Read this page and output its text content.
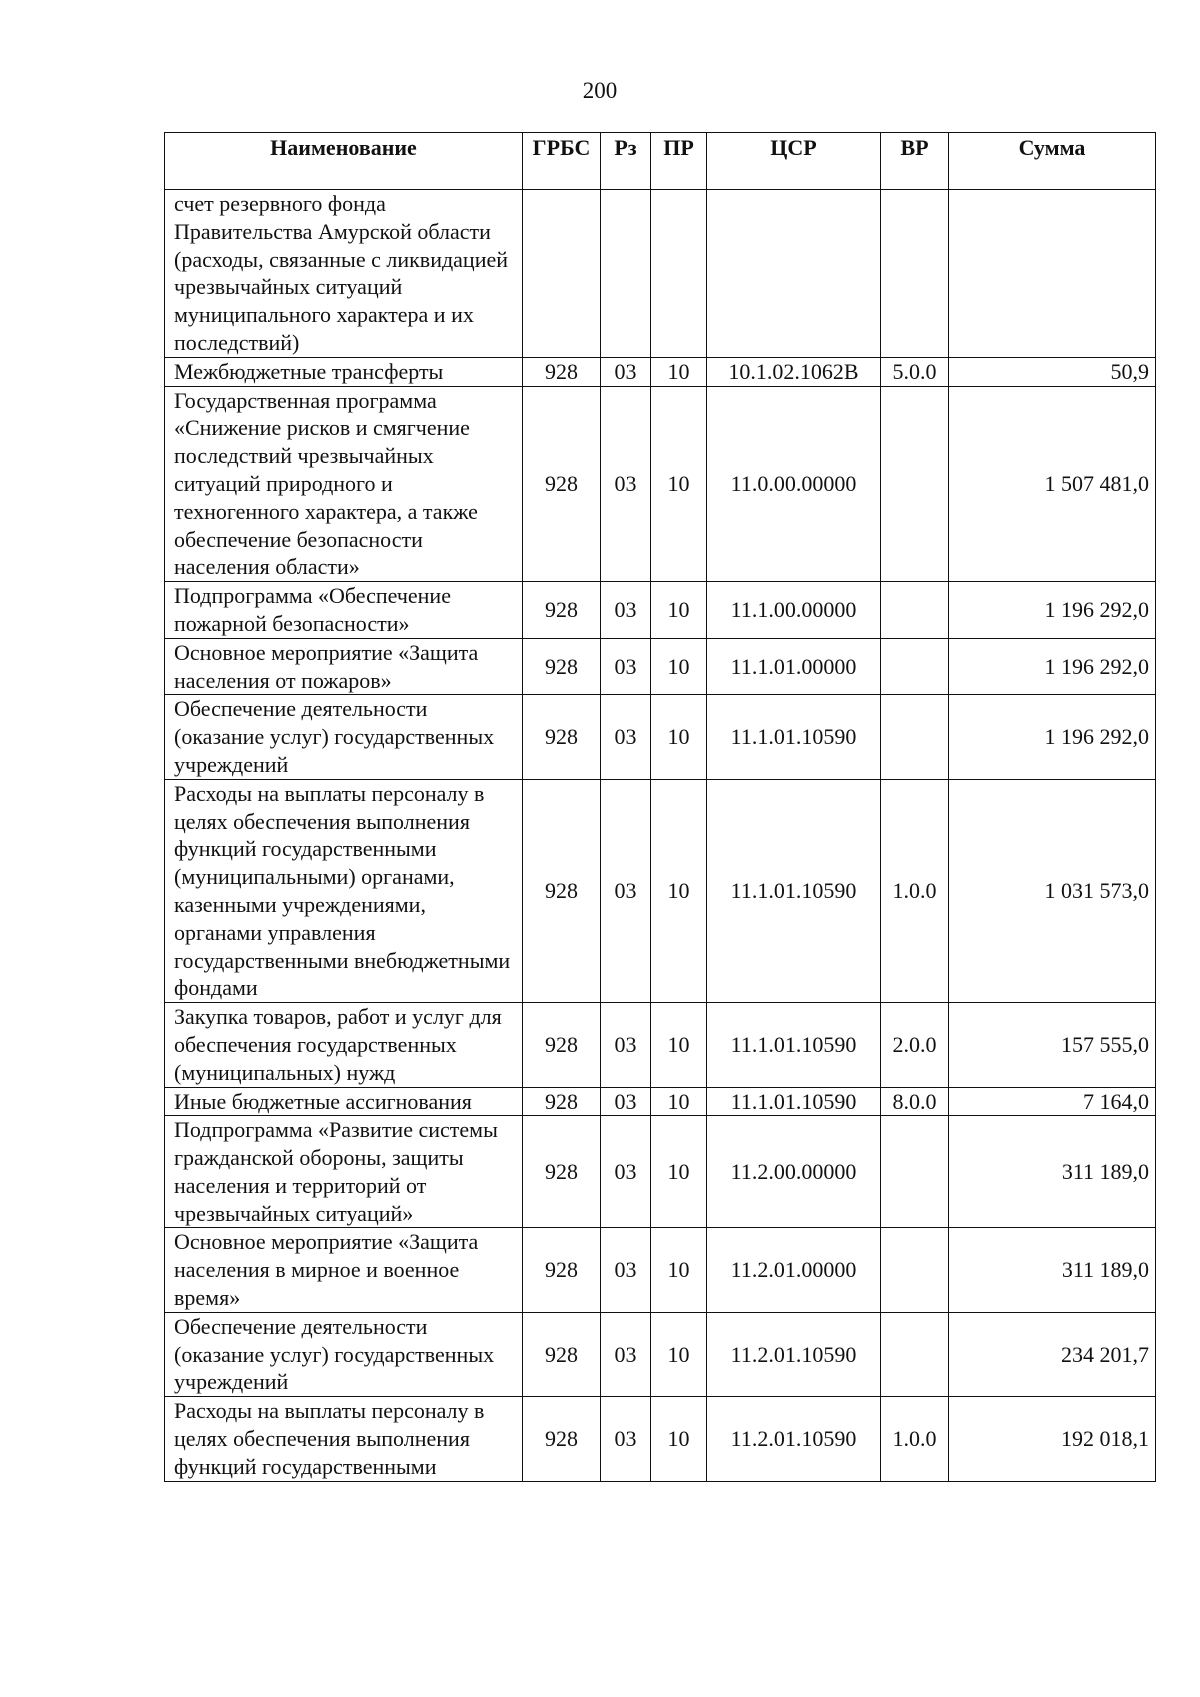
200
Наименование	ГРБС	Рз	ПР	ЦСР	ВР	Сумма
счет резервного фонда Правительства Амурской области (расходы, связанные с ликвидацией чрезвычайных ситуаций муниципального характера и их последствий)						
Межбюджетные трансферты	928	03	10	10.1.02.1062В	5.0.0	50,9
Государственная программа «Снижение рисков и смягчение последствий чрезвычайных ситуаций природного и техногенного характера, а также обеспечение безопасности населения области»	928	03	10	11.0.00.00000		1 507 481,0
Подпрограмма «Обеспечение пожарной безопасности»	928	03	10	11.1.00.00000		1 196 292,0
Основное мероприятие «Защита населения от пожаров»	928	03	10	11.1.01.00000		1 196 292,0
Обеспечение деятельности (оказание услуг) государственных учреждений	928	03	10	11.1.01.10590		1 196 292,0
Расходы на выплаты персоналу в целях обеспечения выполнения функций государственными (муниципальными) органами, казенными учреждениями, органами управления государственными внебюджетными фондами	928	03	10	11.1.01.10590	1.0.0	1 031 573,0
Закупка товаров, работ и услуг для обеспечения государственных (муниципальных) нужд	928	03	10	11.1.01.10590	2.0.0	157 555,0
Иные бюджетные ассигнования	928	03	10	11.1.01.10590	8.0.0	7 164,0
Подпрограмма «Развитие системы гражданской обороны, защиты населения и территорий от чрезвычайных ситуаций»	928	03	10	11.2.00.00000		311 189,0
Основное мероприятие «Защита населения в мирное и военное время»	928	03	10	11.2.01.00000		311 189,0
Обеспечение деятельности (оказание услуг) государственных учреждений	928	03	10	11.2.01.10590		234 201,7
Расходы на выплаты персоналу в целях обеспечения выполнения функций государственными	928	03	10	11.2.01.10590	1.0.0	192 018,1
